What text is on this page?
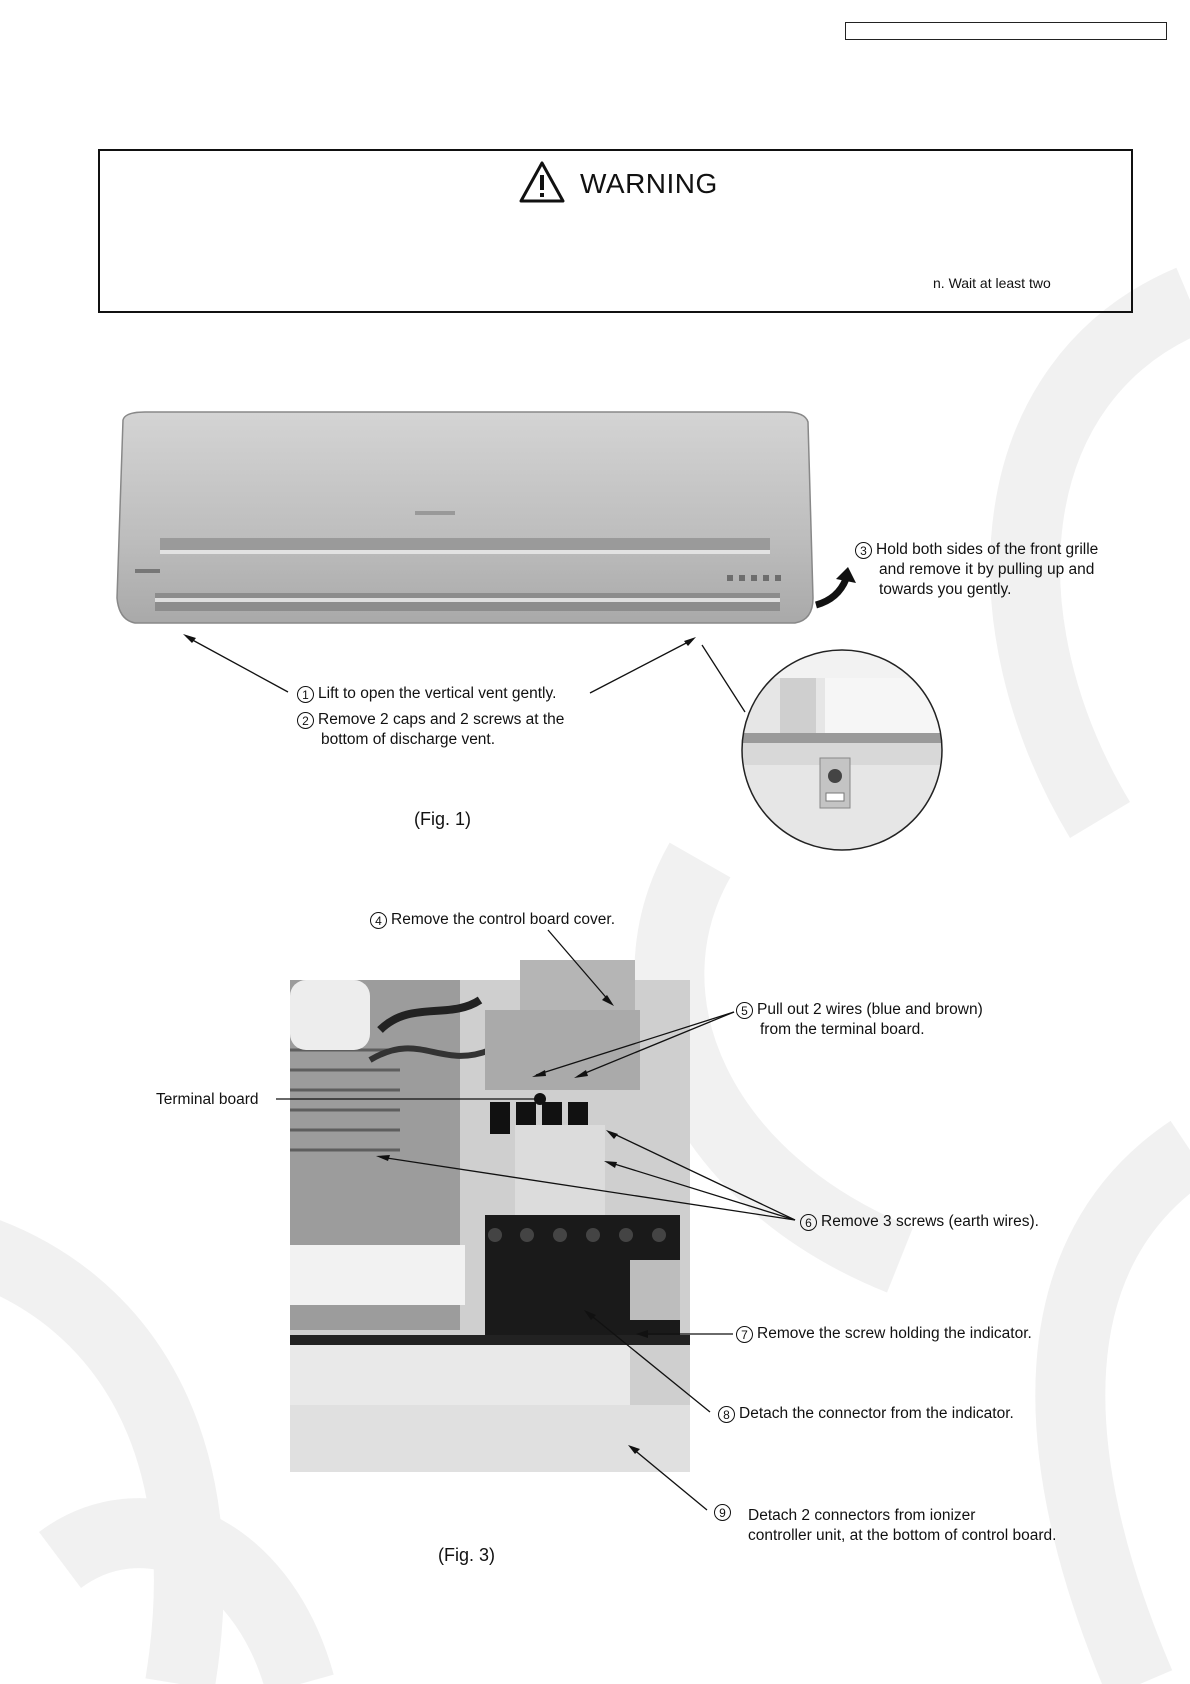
WARNING
n. Wait at least two
1 Lift to open the vertical vent gently.
2 Remove 2 caps and 2 screws at the
bottom of discharge vent.
3 Hold both sides of the front grille
and remove it by pulling up and
towards you gently.
(Fig. 1)
4 Remove the control board cover.
5 Pull out 2 wires (blue and brown)
from the terminal board.
Terminal board
6 Remove 3 screws (earth wires).
7 Remove the screw holding the indicator.
8 Detach the connector from the indicator.
9	Detach 2 connectors from ionizer
controller unit, at the bottom of control board.
(Fig. 3)
